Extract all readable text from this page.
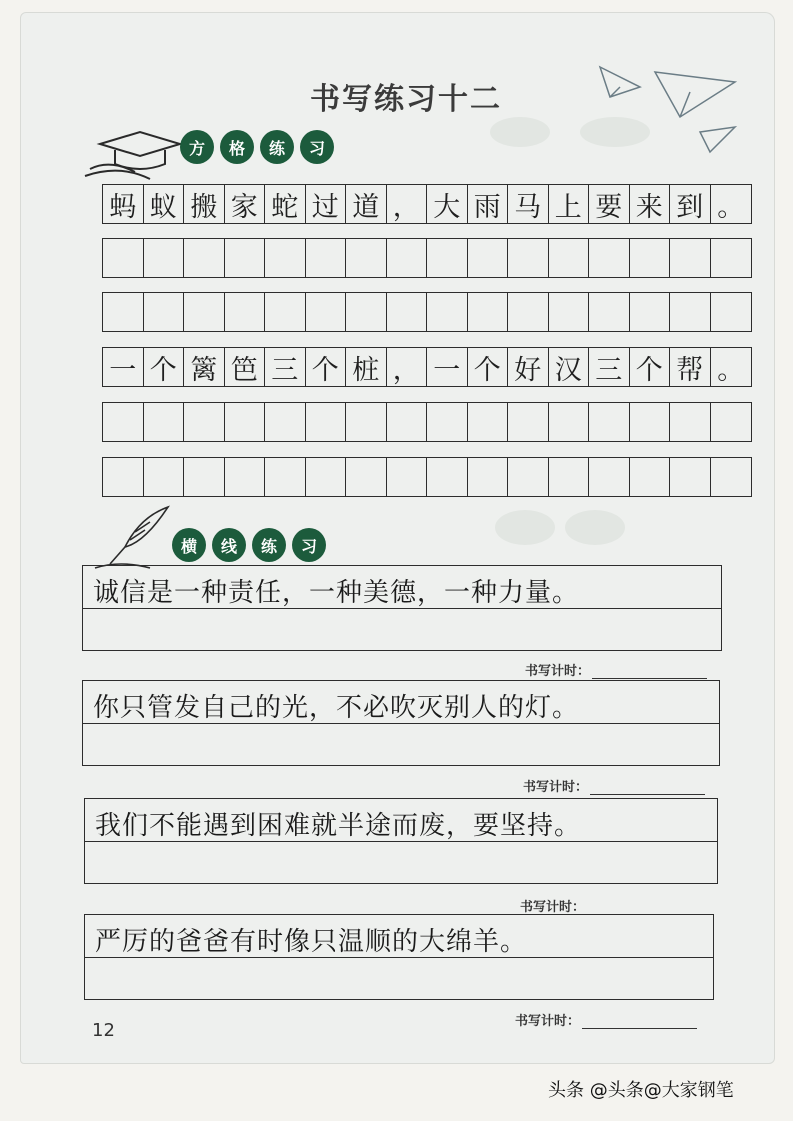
书写练习十二
方	格	练	习
蚂 蚁 搬 家 蛇 过 道 ， 大 雨 马 上 要 来 到 。
一 个 篱 笆 三 个 桩 ， 一 个 好 汉 三 个 帮 。
横	线	练	习
诚信是一种责任，一种美德，一种力量。
书写计时：
你只管发自己的光，不必吹灭别人的灯。
书写计时：
我们不能遇到困难就半途而废，要坚持。
书写计时：
严厉的爸爸有时像只温顺的大绵羊。
书写计时：
12
头条 @头条@大家钢笔
